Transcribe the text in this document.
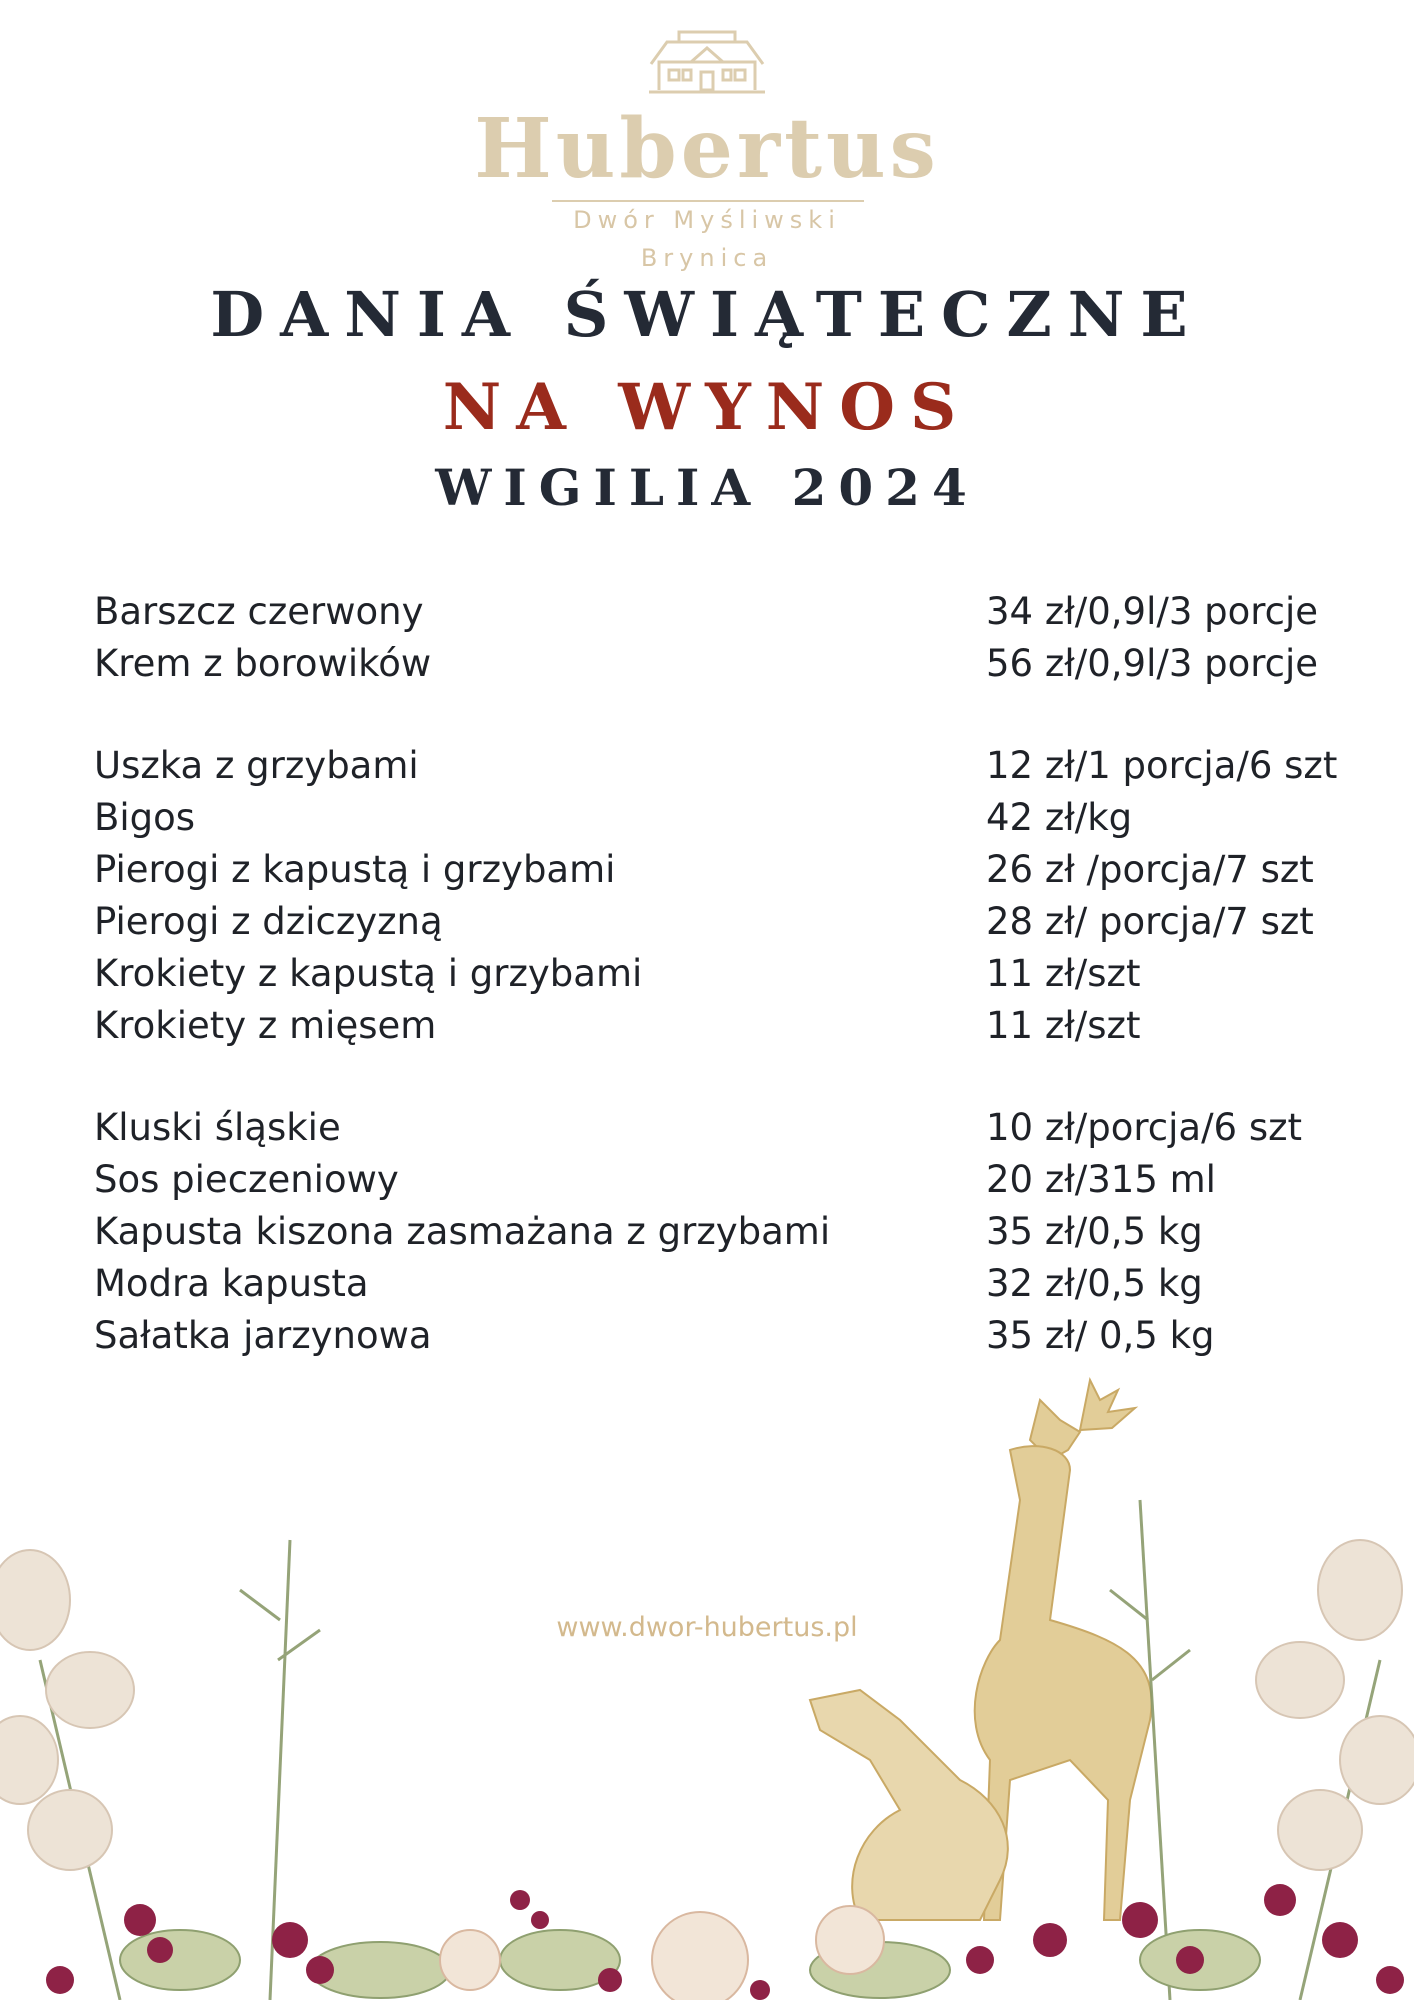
Hubertus
Dwór Myśliwski
Brynica
DANIA ŚWIĄTECZNE
NA WYNOS
WIGILIA 2024
Barszcz czerwony	34 zł/0,9l/3 porcje
Krem z borowików	56 zł/0,9l/3 porcje
Uszka z grzybami	12 zł/1 porcja/6 szt
Bigos	42 zł/kg
Pierogi z kapustą i grzybami	26 zł /porcja/7 szt
Pierogi z dziczyzną	28 zł/ porcja/7 szt
Krokiety z kapustą i grzybami	11 zł/szt
Krokiety z mięsem	11 zł/szt
Kluski śląskie	10 zł/porcja/6 szt
Sos pieczeniowy	20 zł/315 ml
Kapusta kiszona zasmażana z grzybami	35 zł/0,5 kg
Modra kapusta	32 zł/0,5 kg
Sałatka jarzynowa	35 zł/ 0,5 kg
www.dwor-hubertus.pl
